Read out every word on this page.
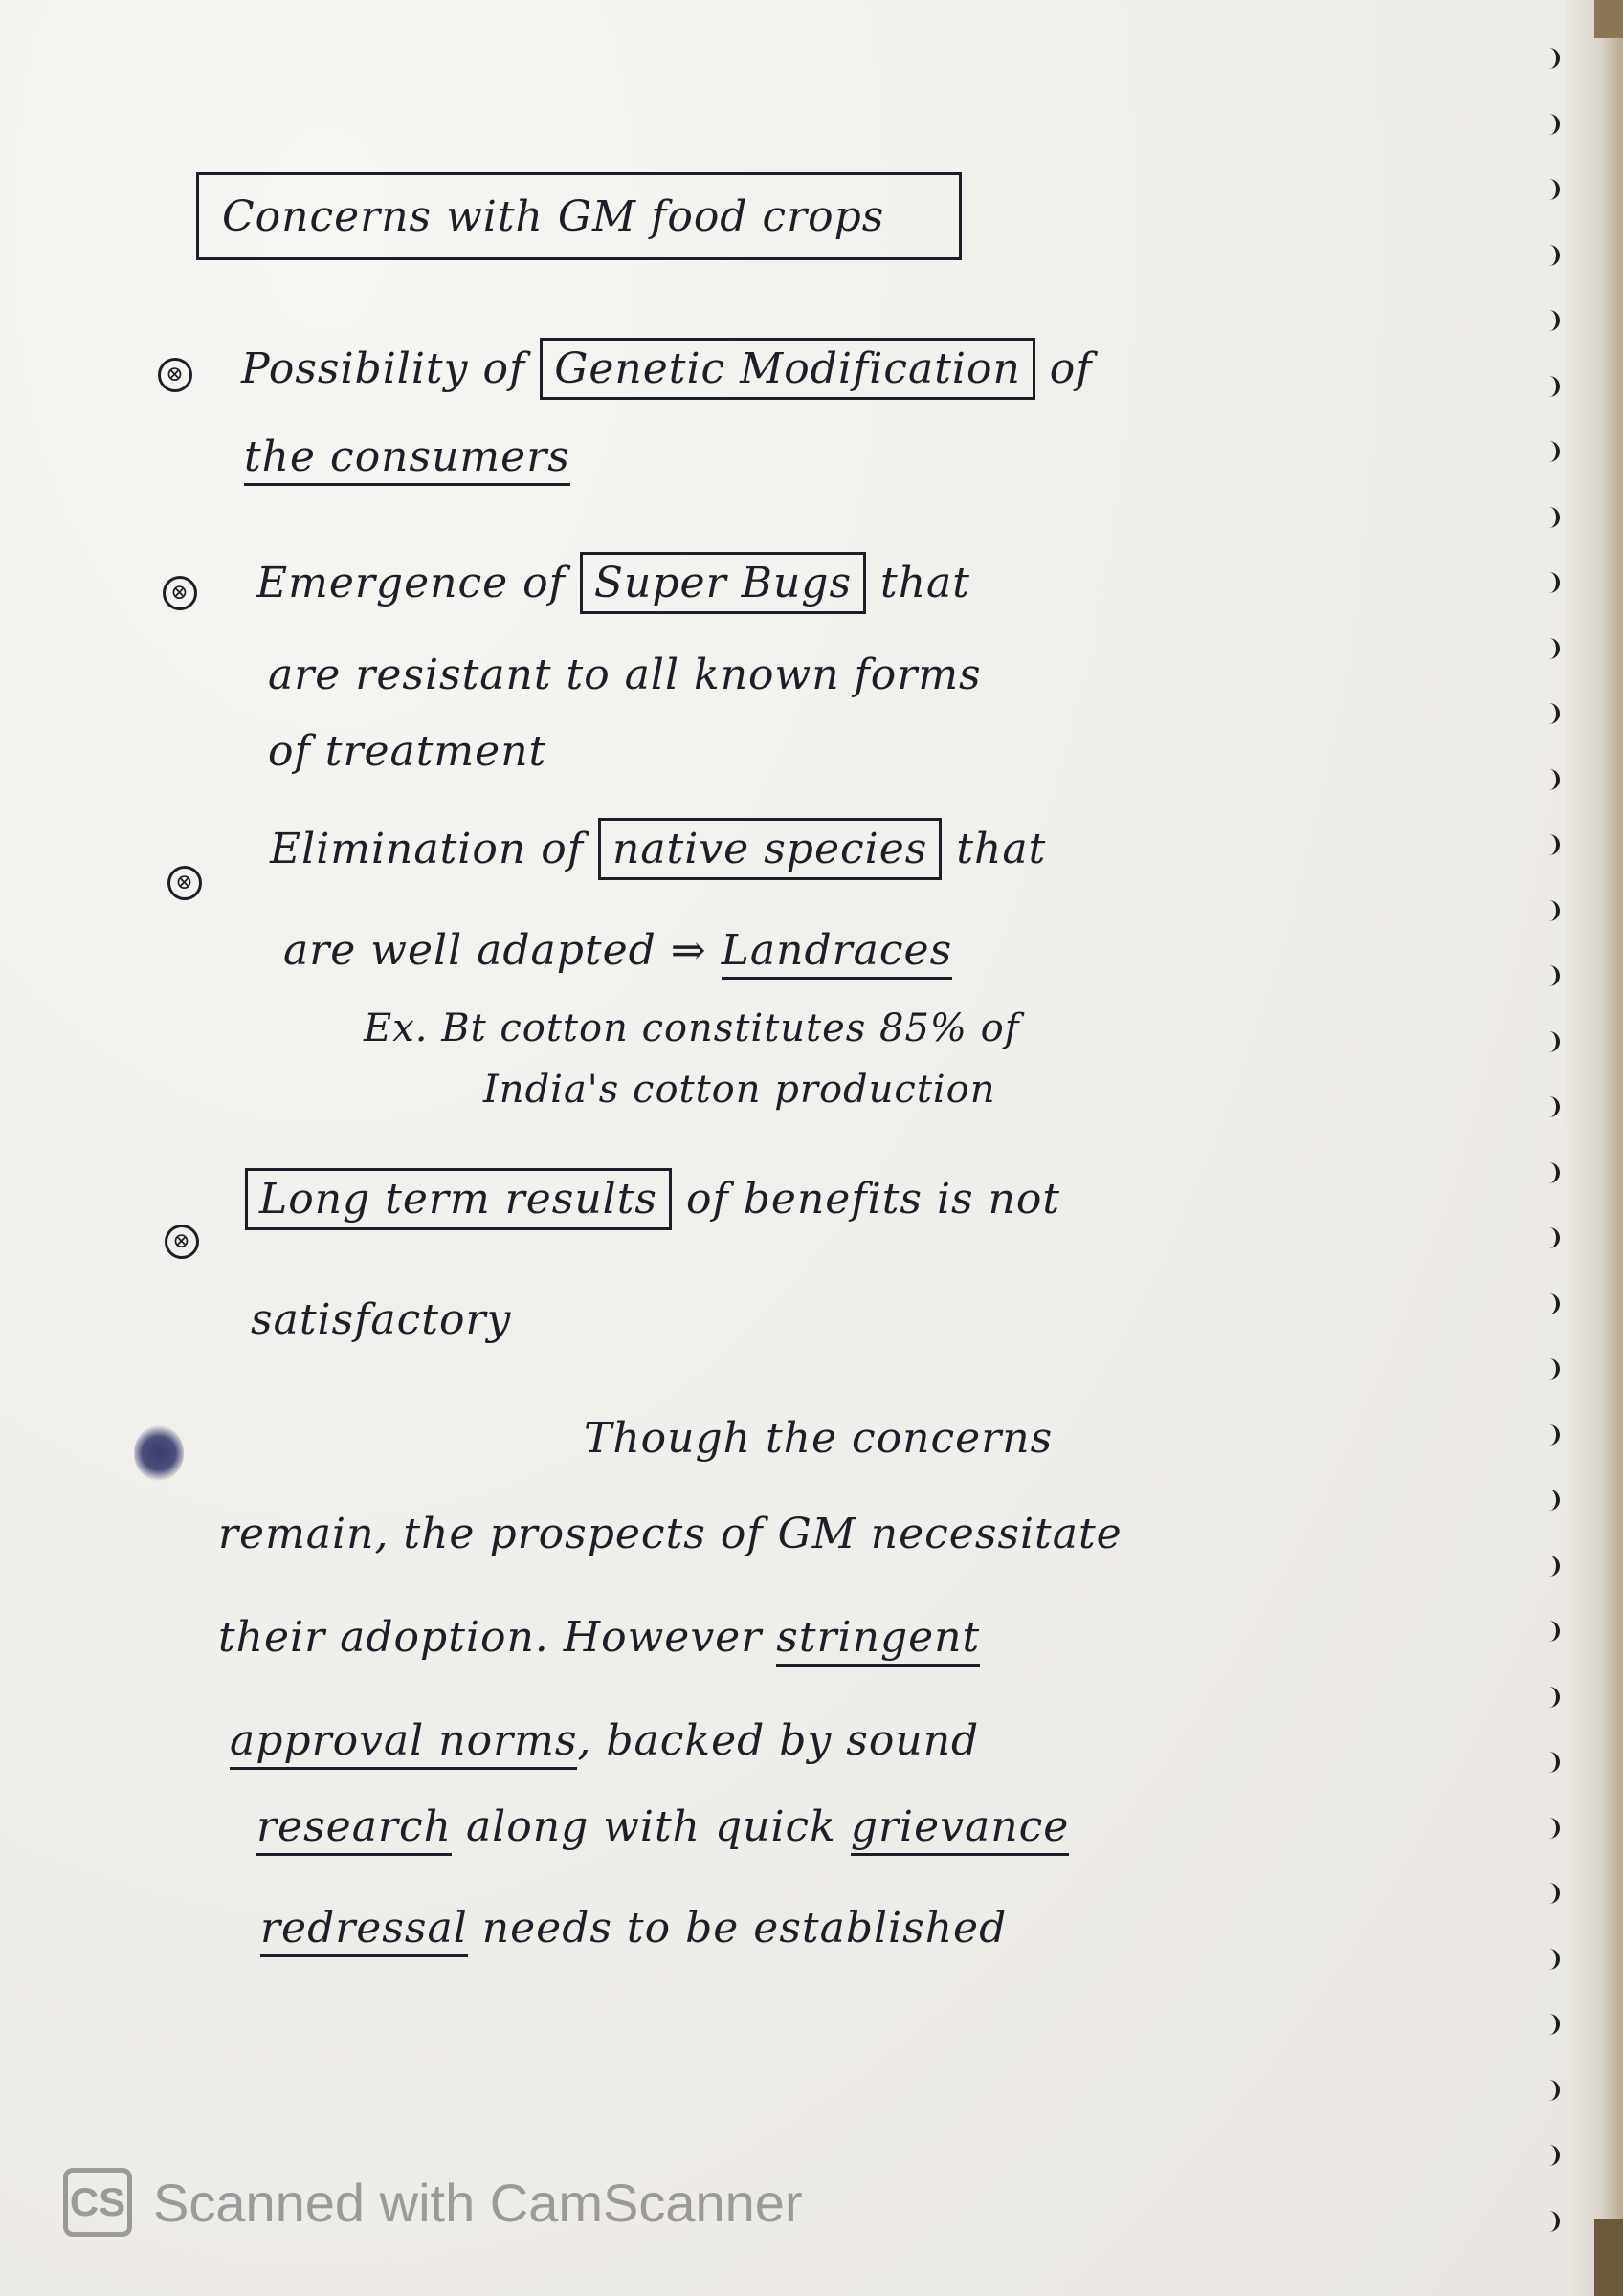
Concerns with GM food crops
⊗ Possibility of Genetic Modification of
the consumers
⊗ Emergence of Super Bugs that
are resistant to all known forms
of treatment
⊗
Elimination of native species that
are well adapted ⇒ Landraces
Ex. Bt cotton constitutes 85% of
India's cotton production
⊗
Long term results of benefits is not
satisfactory
Though the concerns
remain, the prospects of GM necessitate
their adoption. However stringent
approval norms, backed by sound
research along with quick grievance
redressal needs to be established
CS Scanned with CamScanner
